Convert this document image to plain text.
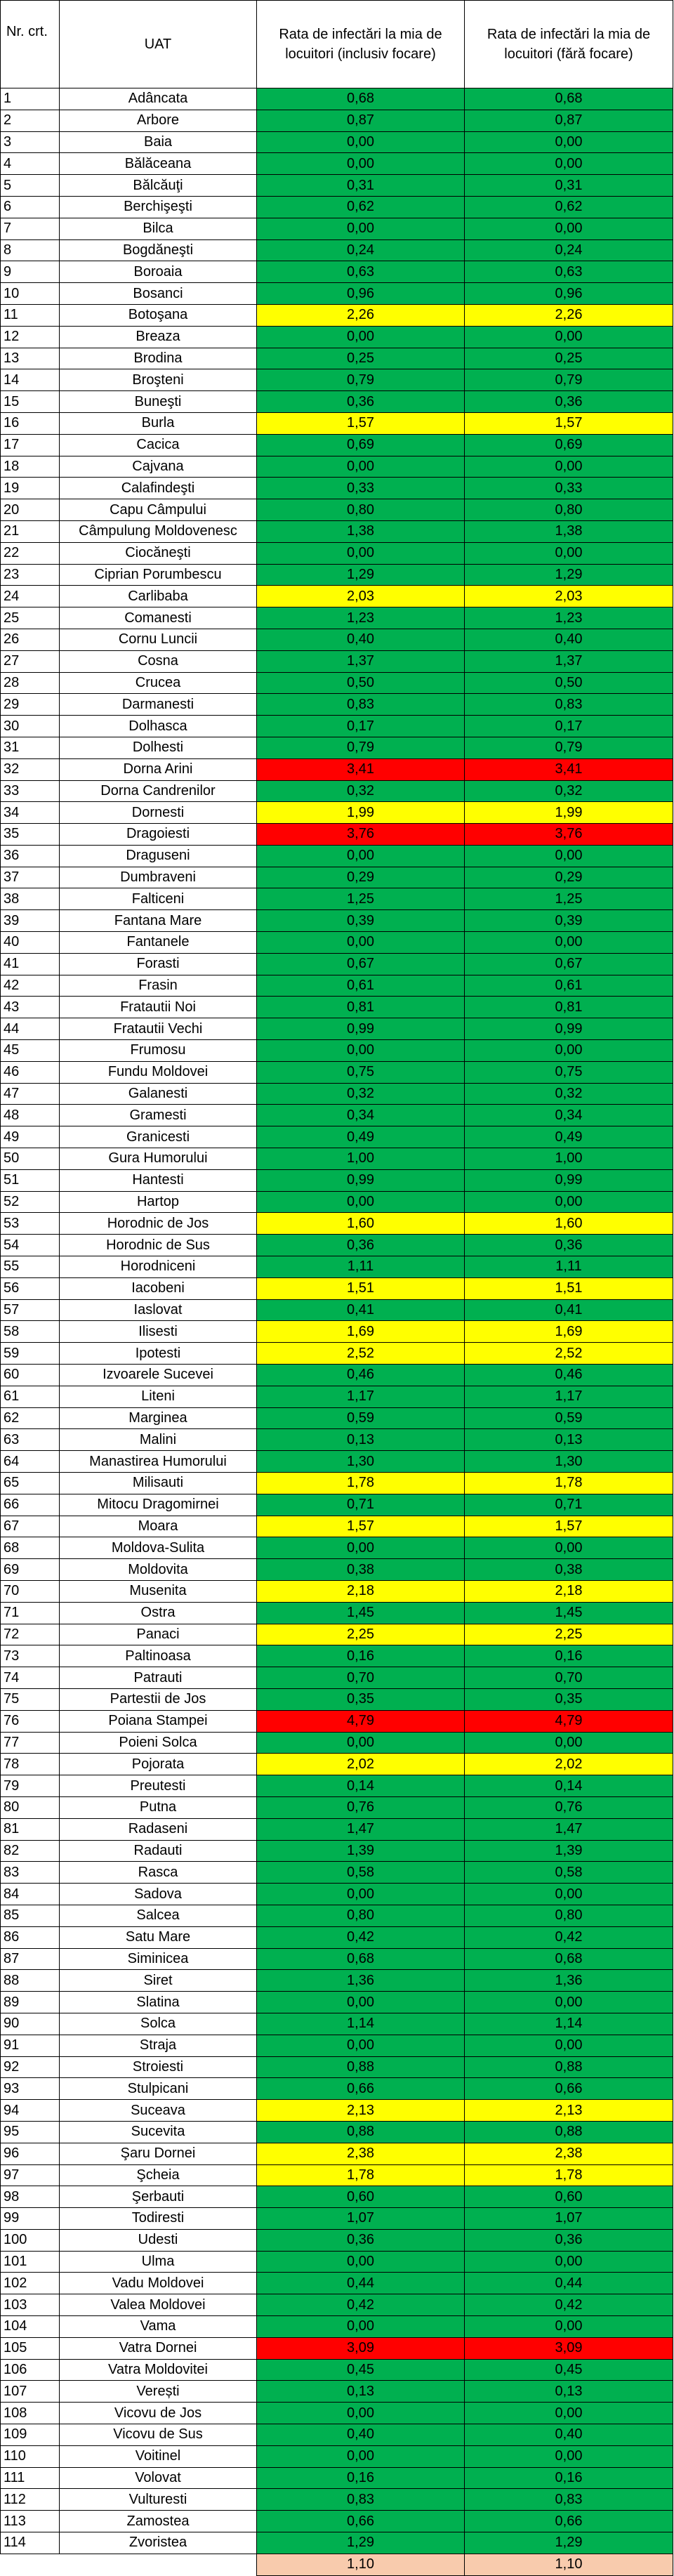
Nr. crt.	UAT	Rata de infectări la mia de locuitori (inclusiv focare)	Rata de infectări la mia de locuitori (fără focare)
1	Adâncata	0,68	0,68
2	Arbore	0,87	0,87
3	Baia	0,00	0,00
4	Bălăceana	0,00	0,00
5	Bălcăuţi	0,31	0,31
6	Berchişeşti	0,62	0,62
7	Bilca	0,00	0,00
8	Bogdăneşti	0,24	0,24
9	Boroaia	0,63	0,63
10	Bosanci	0,96	0,96
11	Botoşana	2,26	2,26
12	Breaza	0,00	0,00
13	Brodina	0,25	0,25
14	Broşteni	0,79	0,79
15	Buneşti	0,36	0,36
16	Burla	1,57	1,57
17	Cacica	0,69	0,69
18	Cajvana	0,00	0,00
19	Calafindeşti	0,33	0,33
20	Capu Câmpului	0,80	0,80
21	Câmpulung Moldovenesc	1,38	1,38
22	Ciocăneşti	0,00	0,00
23	Ciprian Porumbescu	1,29	1,29
24	Carlibaba	2,03	2,03
25	Comanesti	1,23	1,23
26	Cornu Luncii	0,40	0,40
27	Cosna	1,37	1,37
28	Crucea	0,50	0,50
29	Darmanesti	0,83	0,83
30	Dolhasca	0,17	0,17
31	Dolhesti	0,79	0,79
32	Dorna Arini	3,41	3,41
33	Dorna Candrenilor	0,32	0,32
34	Dornesti	1,99	1,99
35	Dragoiesti	3,76	3,76
36	Draguseni	0,00	0,00
37	Dumbraveni	0,29	0,29
38	Falticeni	1,25	1,25
39	Fantana Mare	0,39	0,39
40	Fantanele	0,00	0,00
41	Forasti	0,67	0,67
42	Frasin	0,61	0,61
43	Fratautii Noi	0,81	0,81
44	Fratautii Vechi	0,99	0,99
45	Frumosu	0,00	0,00
46	Fundu Moldovei	0,75	0,75
47	Galanesti	0,32	0,32
48	Gramesti	0,34	0,34
49	Granicesti	0,49	0,49
50	Gura Humorului	1,00	1,00
51	Hantesti	0,99	0,99
52	Hartop	0,00	0,00
53	Horodnic de Jos	1,60	1,60
54	Horodnic de Sus	0,36	0,36
55	Horodniceni	1,11	1,11
56	Iacobeni	1,51	1,51
57	Iaslovat	0,41	0,41
58	Ilisesti	1,69	1,69
59	Ipotesti	2,52	2,52
60	Izvoarele Sucevei	0,46	0,46
61	Liteni	1,17	1,17
62	Marginea	0,59	0,59
63	Malini	0,13	0,13
64	Manastirea Humorului	1,30	1,30
65	Milisauti	1,78	1,78
66	Mitocu Dragomirnei	0,71	0,71
67	Moara	1,57	1,57
68	Moldova-Sulita	0,00	0,00
69	Moldovita	0,38	0,38
70	Musenita	2,18	2,18
71	Ostra	1,45	1,45
72	Panaci	2,25	2,25
73	Paltinoasa	0,16	0,16
74	Patrauti	0,70	0,70
75	Partestii de Jos	0,35	0,35
76	Poiana Stampei	4,79	4,79
77	Poieni Solca	0,00	0,00
78	Pojorata	2,02	2,02
79	Preutesti	0,14	0,14
80	Putna	0,76	0,76
81	Radaseni	1,47	1,47
82	Radauti	1,39	1,39
83	Rasca	0,58	0,58
84	Sadova	0,00	0,00
85	Salcea	0,80	0,80
86	Satu Mare	0,42	0,42
87	Siminicea	0,68	0,68
88	Siret	1,36	1,36
89	Slatina	0,00	0,00
90	Solca	1,14	1,14
91	Straja	0,00	0,00
92	Stroiesti	0,88	0,88
93	Stulpicani	0,66	0,66
94	Suceava	2,13	2,13
95	Sucevita	0,88	0,88
96	Şaru Dornei	2,38	2,38
97	Şcheia	1,78	1,78
98	Şerbauti	0,60	0,60
99	Todiresti	1,07	1,07
100	Udesti	0,36	0,36
101	Ulma	0,00	0,00
102	Vadu Moldovei	0,44	0,44
103	Valea Moldovei	0,42	0,42
104	Vama	0,00	0,00
105	Vatra Dornei	3,09	3,09
106	Vatra Moldovitei	0,45	0,45
107	Verești	0,13	0,13
108	Vicovu de Jos	0,00	0,00
109	Vicovu de Sus	0,40	0,40
110	Voitinel	0,00	0,00
111	Volovat	0,16	0,16
112	Vulturesti	0,83	0,83
113	Zamostea	0,66	0,66
114	Zvoristea	1,29	1,29
		1,10	1,10
